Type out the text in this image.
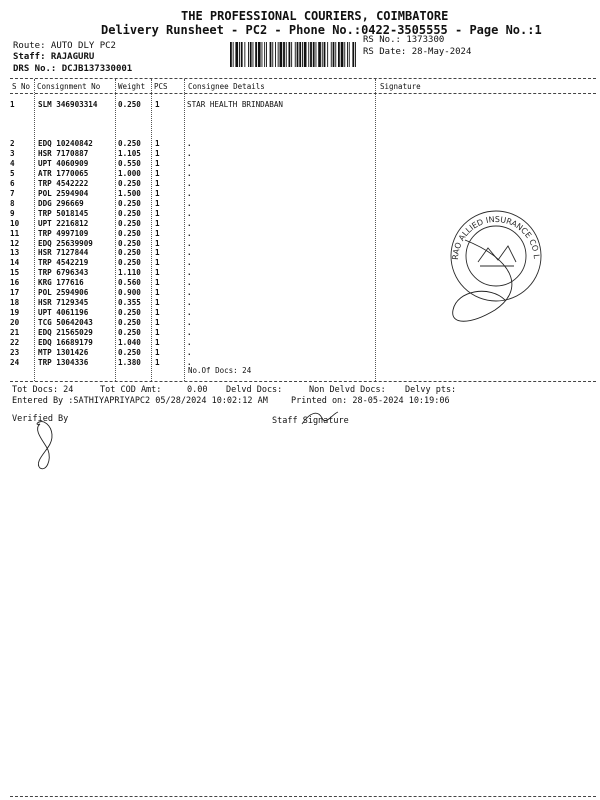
THE PROFESSIONAL COURIERS, COIMBATORE
Delivery Runsheet - PC2 - Phone No.:0422-3505555 - Page No.:1
Route: AUTO DLY PC2
Staff: RAJAGURU
DRS No.: DCJB137330001
RS No.: 1373300
RS Date: 28-May-2024
S No Consignment No Weight PCS	Consignee Details	Signature
1	SLM 346903314	0.250 1	STAR HEALTH BRINDABAN
2	EDQ 10240842	0.250 1	.
3	HSR 7170887	1.105 1	.
4	UPT 4060909	0.550 1	.
5	ATR 1770065	1.000 1	.
6	TRP 4542222	0.250 1	.
7	POL 2594904	1.500 1	.
8	DDG 296669	0.250 1	.
9	TRP 5018145	0.250 1	.
10 UPT 2216812	0.250 1	.
11 TRP 4997109	0.250 1	.
12 EDQ 25639909	0.250 1	.
13 HSR 7127844	0.250 1	.
14 TRP 4542219	0.250 1	.
15 TRP 6796343	1.110 1	.
16 KRG 177616	0.560 1	.
17 POL 2594906	0.900 1	.
18 HSR 7129345	0.355 1	.
19 UPT 4061196	0.250 1	.
20 TCG 50642043	0.250 1	.
21 EDQ 21565029	0.250 1	.
22 EDQ 16689179	1.040 1	.
23 MTP 1301426	0.250 1	.
24 TRP 1304336	1.380 1	.
No.Of Docs: 24
Tot Docs: 24	Tot COD Amt:     0.00 Delvd Docs:	Non Delvd Docs: Delvy pts:
Entered By :SATHIYAPRIYAPC2 05/28/2024 10:02:12 AM	Printed on: 28-05-2024 10:19:06
Verified By	Staff Signature
RAO ALLIED INSURANCE CO LTD
